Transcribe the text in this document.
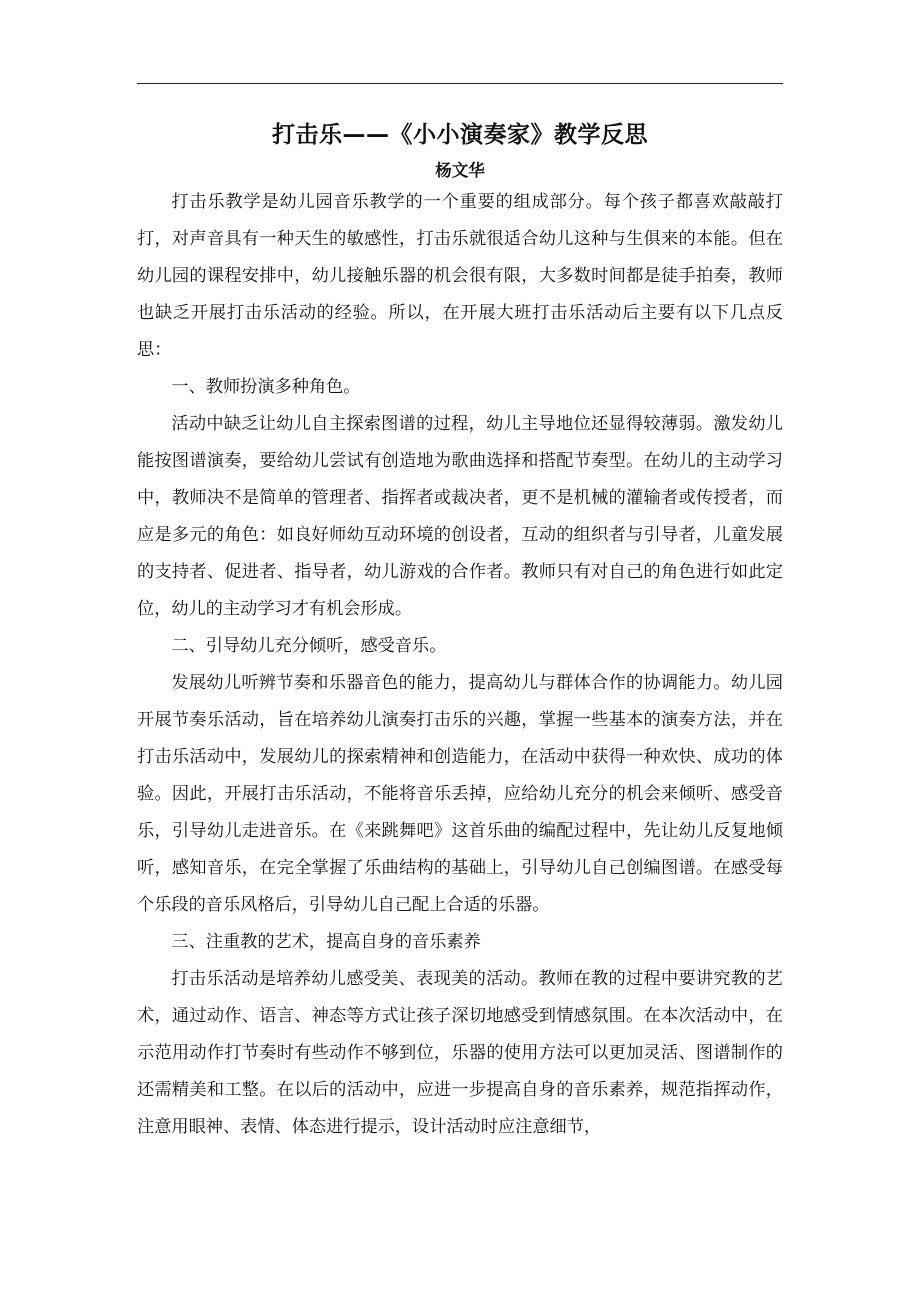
打击乐——《小小演奏家》教学反思
杨文华

打击乐教学是幼儿园音乐教学的一个重要的组成部分。每个孩子都喜欢敲敲打打，对声音具有一种天生的敏感性，打击乐就很适合幼儿这种与生俱来的本能。但在幼儿园的课程安排中，幼儿接触乐器的机会很有限，大多数时间都是徒手拍奏，教师也缺乏开展打击乐活动的经验。所以，在开展大班打击乐活动后主要有以下几点反思：

一、教师扮演多种角色。

活动中缺乏让幼儿自主探索图谱的过程，幼儿主导地位还显得较薄弱。激发幼儿能按图谱演奏，要给幼儿尝试有创造地为歌曲选择和搭配节奏型。在幼儿的主动学习中，教师决不是简单的管理者、指挥者或裁决者，更不是机械的灌输者或传授者，而应是多元的角色：如良好师幼互动环境的创设者，互动的组织者与引导者，儿童发展的支持者、促进者、指导者，幼儿游戏的合作者。教师只有对自己的角色进行如此定位，幼儿的主动学习才有机会形成。

二、引导幼儿充分倾听，感受音乐。

发展幼儿听辨节奏和乐器音色的能力，提高幼儿与群体合作的协调能力。幼儿园开展节奏乐活动，旨在培养幼儿演奏打击乐的兴趣，掌握一些基本的演奏方法，并在打击乐活动中，发展幼儿的探索精神和创造能力，在活动中获得一种欢快、成功的体验。因此，开展打击乐活动，不能将音乐丢掉，应给幼儿充分的机会来倾听、感受音乐，引导幼儿走进音乐。在《来跳舞吧》这首乐曲的编配过程中，先让幼儿反复地倾听，感知音乐，在完全掌握了乐曲结构的基础上，引导幼儿自己创编图谱。在感受每个乐段的音乐风格后，引导幼儿自己配上合适的乐器。

三、注重教的艺术，提高自身的音乐素养

打击乐活动是培养幼儿感受美、表现美的活动。教师在教的过程中要讲究教的艺术，通过动作、语言、神态等方式让孩子深切地感受到情感氛围。在本次活动中，在示范用动作打节奏时有些动作不够到位，乐器的使用方法可以更加灵活、图谱制作的还需精美和工整。在以后的活动中，应进一步提高自身的音乐素养，规范指挥动作，注意用眼神、表情、体态进行提示，设计活动时应注意细节，
